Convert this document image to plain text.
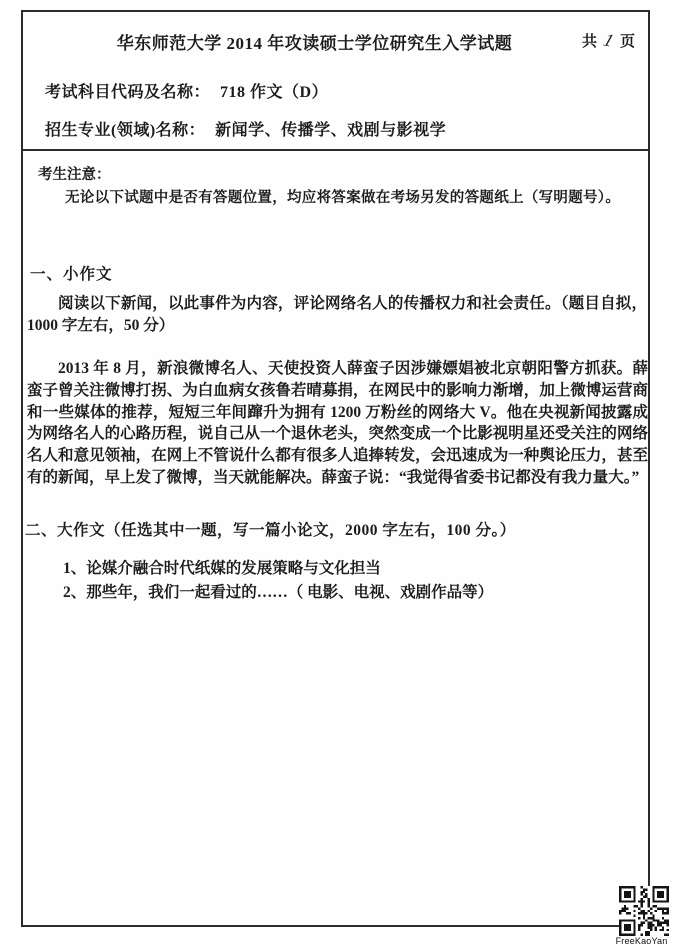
华东师范大学 2014 年攻读硕士学位研究生入学试题	共 1 页
考试科目代码及名称： 718 作文（D）
招生专业(领域)名称： 新闻学、传播学、戏剧与影视学
考生注意：
无论以下试题中是否有答题位置，均应将答案做在考场另发的答题纸上（写明题号）。
一、小作文
阅读以下新闻，以此事件为内容，评论网络名人的传播权力和社会责任。（题目自拟，1000 字左右，50 分）
2013 年 8 月，新浪微博名人、天使投资人薛蛮子因涉嫌嫖娼被北京朝阳警方抓获。薛蛮子曾关注微博打拐、为白血病女孩鲁若晴募捐，在网民中的影响力渐增，加上微博运营商和一些媒体的推荐，短短三年间蹿升为拥有 1200 万粉丝的网络大 V。他在央视新闻披露成为网络名人的心路历程，说自己从一个退休老头，突然变成一个比影视明星还受关注的网络名人和意见领袖，在网上不管说什么都有很多人追捧转发，会迅速成为一种舆论压力，甚至有的新闻，早上发了微博，当天就能解决。薛蛮子说：“我觉得省委书记都没有我力量大。”
二、大作文（任选其中一题，写一篇小论文，2000 字左右，100 分。）
1、论媒介融合时代纸媒的发展策略与文化担当
2、那些年，我们一起看过的……（ 电影、电视、戏剧作品等）
FreeKaoYan
